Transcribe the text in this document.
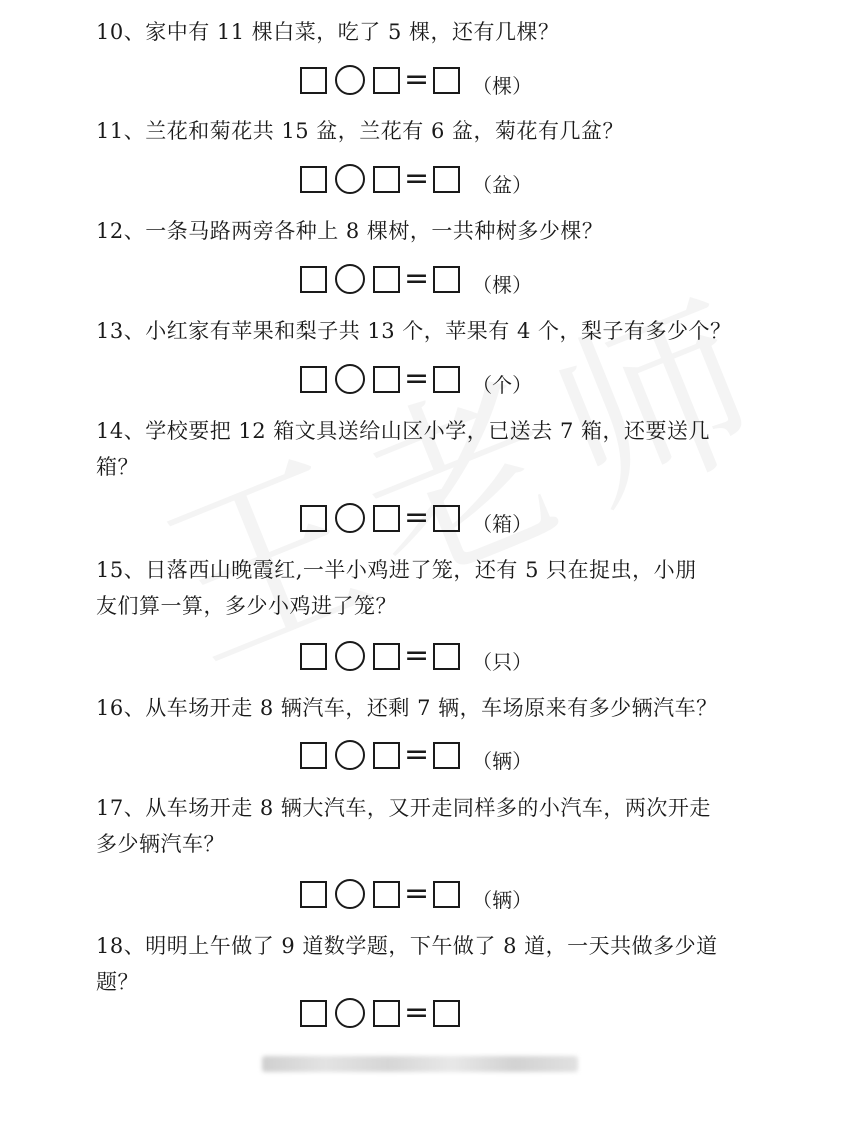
10、家中有 11 棵白菜，吃了 5 棵，还有几棵？
= （棵）
11、兰花和菊花共 15 盆，兰花有 6 盆，菊花有几盆？
= （盆）
12、一条马路两旁各种上 8 棵树，一共种树多少棵？
= （棵）
13、小红家有苹果和梨子共 13 个，苹果有 4 个，梨子有多少个？
= （个）
14、学校要把 12 箱文具送给山区小学，已送去 7 箱，还要送几
箱？
= （箱）
15、日落西山晚霞红,一半小鸡进了笼，还有 5 只在捉虫，小朋
友们算一算，多少小鸡进了笼？
= （只）
16、从车场开走 8 辆汽车，还剩 7 辆，车场原来有多少辆汽车？
= （辆）
17、从车场开走 8 辆大汽车，又开走同样多的小汽车，两次开走
多少辆汽车？
= （辆）
18、明明上午做了 9 道数学题，下午做了 8 道，一天共做多少道
题？
=
